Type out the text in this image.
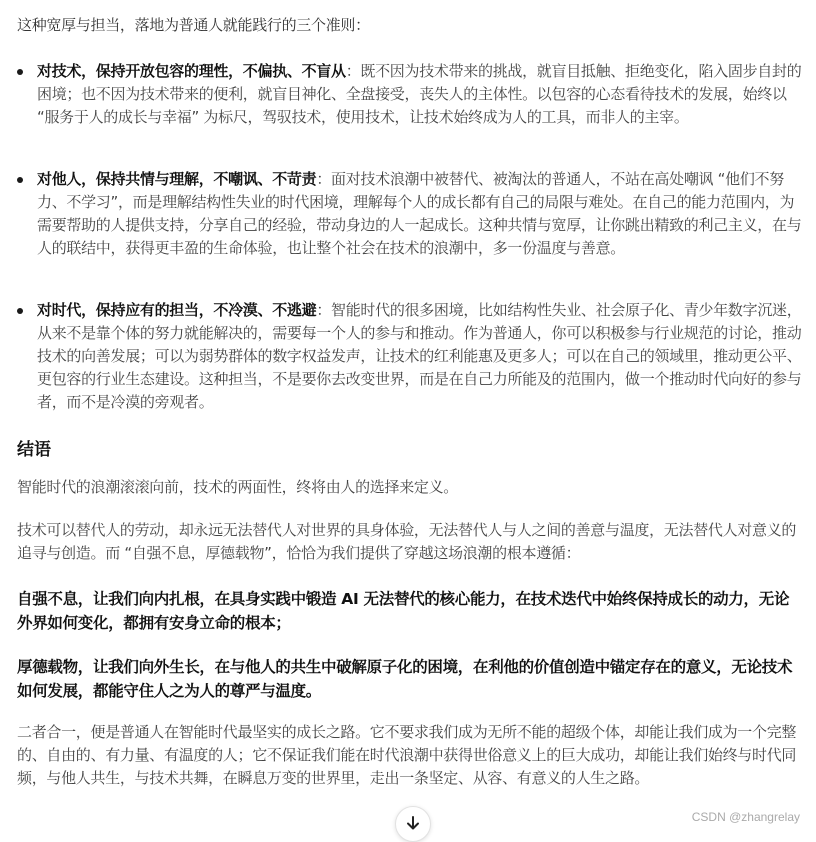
这种宽厚与担当，落地为普通人就能践行的三个准则：

对技术，保持开放包容的理性，不偏执、不盲从：既不因为技术带来的挑战，就盲目抵触、拒绝变化，陷入固步自封的困境；也不因为技术带来的便利，就盲目神化、全盘接受，丧失人的主体性。以包容的心态看待技术的发展，始终以 “服务于人的成长与幸福” 为标尺，驾驭技术，使用技术，让技术始终成为人的工具，而非人的主宰。

对他人，保持共情与理解，不嘲讽、不苛责：面对技术浪潮中被替代、被淘汰的普通人，不站在高处嘲讽 “他们不努力、不学习”，而是理解结构性失业的时代困境，理解每个人的成长都有自己的局限与难处。在自己的能力范围内，为需要帮助的人提供支持，分享自己的经验，带动身边的人一起成长。这种共情与宽厚，让你跳出精致的利己主义，在与人的联结中，获得更丰盈的生命体验，也让整个社会在技术的浪潮中，多一份温度与善意。

对时代，保持应有的担当，不冷漠、不逃避：智能时代的很多困境，比如结构性失业、社会原子化、青少年数字沉迷，从来不是靠个体的努力就能解决的，需要每一个人的参与和推动。作为普通人，你可以积极参与行业规范的讨论，推动技术的向善发展；可以为弱势群体的数字权益发声，让技术的红利能惠及更多人；可以在自己的领域里，推动更公平、更包容的行业生态建设。这种担当，不是要你去改变世界，而是在自己力所能及的范围内，做一个推动时代向好的参与者，而不是冷漠的旁观者。

结语

智能时代的浪潮滚滚向前，技术的两面性，终将由人的选择来定义。

技术可以替代人的劳动，却永远无法替代人对世界的具身体验，无法替代人与人之间的善意与温度，无法替代人对意义的追寻与创造。而 “自强不息，厚德载物”，恰恰为我们提供了穿越这场浪潮的根本遵循：

自强不息，让我们向内扎根，在具身实践中锻造 AI 无法替代的核心能力，在技术迭代中始终保持成长的动力，无论外界如何变化，都拥有安身立命的根本；

厚德载物，让我们向外生长，在与他人的共生中破解原子化的困境，在利他的价值创造中锚定存在的意义，无论技术如何发展，都能守住人之为人的尊严与温度。

二者合一，便是普通人在智能时代最坚实的成长之路。它不要求我们成为无所不能的超级个体，却能让我们成为一个完整的、自由的、有力量、有温度的人；它不保证我们能在时代浪潮中获得世俗意义上的巨大成功，却能让我们始终与时代同频，与他人共生，与技术共舞，在瞬息万变的世界里，走出一条坚定、从容、有意义的人生之路。

CSDN @zhangrelay
